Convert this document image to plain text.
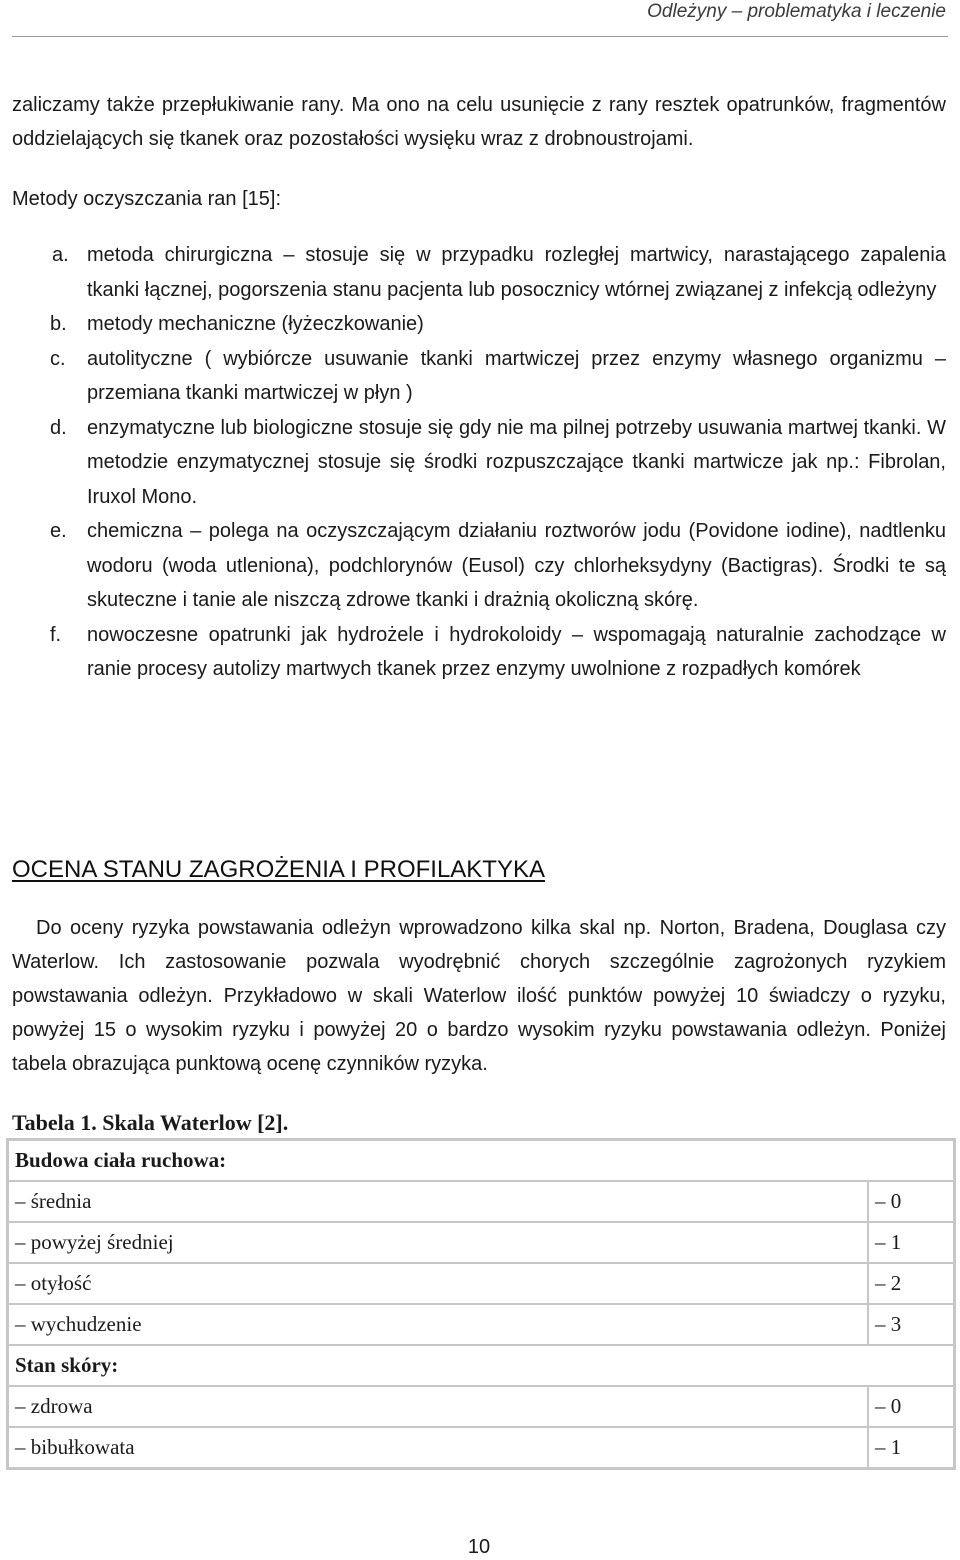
Odleżyny – problematyka i leczenie

zaliczamy także przepłukiwanie rany. Ma ono na celu usunięcie z rany resztek opatrunków, fragmentów oddzielających się tkanek oraz pozostałości wysięku wraz z drobnoustrojami.

Metody oczyszczania ran [15]:
a. metoda chirurgiczna – stosuje się w przypadku rozległej martwicy, narastającego zapalenia tkanki łącznej, pogorszenia stanu pacjenta lub posocznicy wtórnej związanej z infekcją odleżyny
b. metody mechaniczne (łyżeczkowanie)
c. autolityczne ( wybiórcze usuwanie tkanki martwiczej przez enzymy własnego organizmu – przemiana tkanki martwiczej w płyn )
d. enzymatyczne lub biologiczne stosuje się gdy nie ma pilnej potrzeby usuwania martwej tkanki. W metodzie enzymatycznej stosuje się środki rozpuszczające tkanki martwicze jak np.: Fibrolan, Iruxol Mono.
e. chemiczna – polega na oczyszczającym działaniu roztworów jodu (Povidone iodine), nadtlenku wodoru (woda utleniona), podchlorynów (Eusol) czy chlorheksydyny (Bactigras). Środki te są skuteczne i tanie ale niszczą zdrowe tkanki i drażnią okoliczną skórę.
f. nowoczesne opatrunki jak hydrożele i hydrokoloidy – wspomagają naturalnie zachodzące w ranie procesy autolizy martwych tkanek przez enzymy uwolnione z rozpadłych komórek
OCENA STANU ZAGROŻENIA I PROFILAKTYKA

Do oceny ryzyka powstawania odleżyn wprowadzono kilka skal np. Norton, Bradena, Douglasa czy Waterlow. Ich zastosowanie pozwala wyodrębnić chorych szczególnie zagrożonych ryzykiem powstawania odleżyn. Przykładowo w skali Waterlow ilość punktów powyżej 10 świadczy o ryzyku, powyżej 15 o wysokim ryzyku i powyżej 20 o bardzo wysokim ryzyku powstawania odleżyn. Poniżej tabela obrazująca punktową ocenę czynników ryzyka.

Tabela 1. Skala Waterlow [2].
Budowa ciała ruchowa:	
– średnia	– 0
– powyżej średniej	– 1
– otyłość	– 2
– wychudzenie	– 3
Stan skóry:	
– zdrowa	– 0
– bibułkowata	– 1
10
